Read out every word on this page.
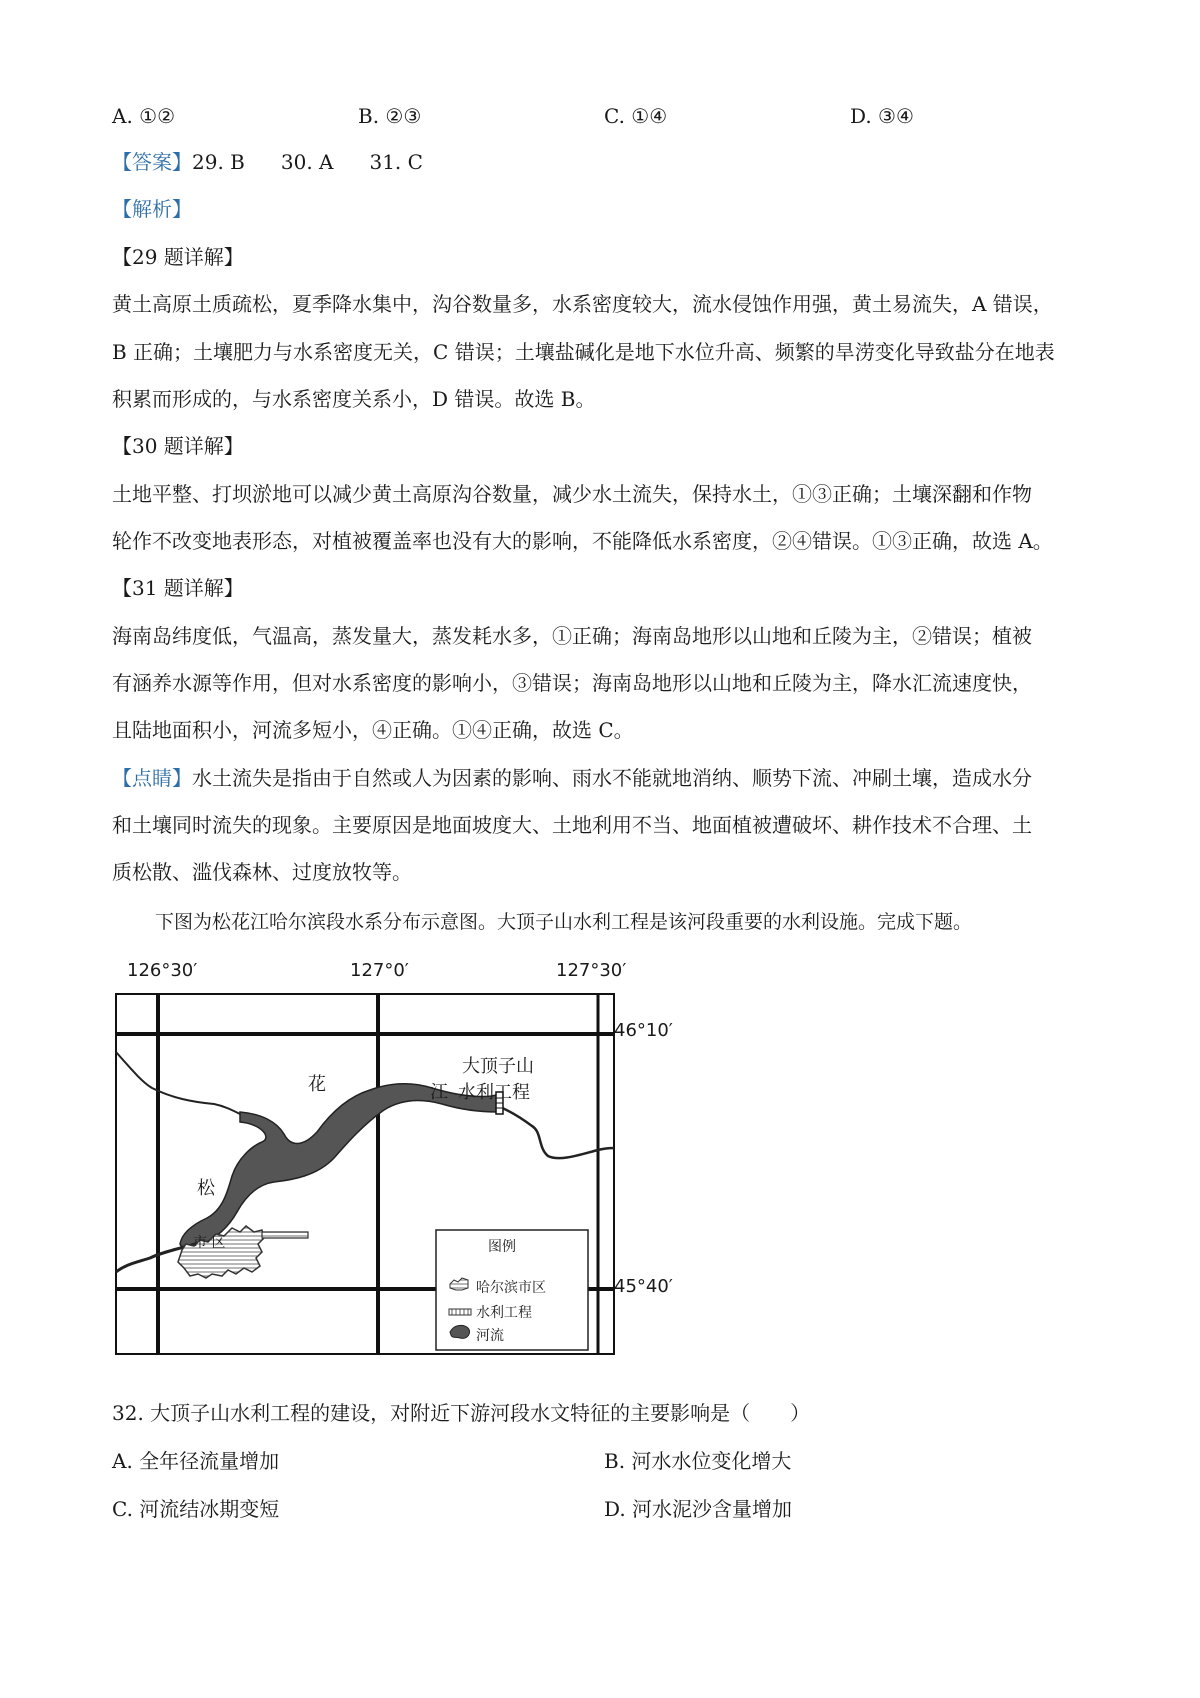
A. ①②	B. ②③	C. ①④	D. ③④
【答案】29. B 30. A 31. C
【解析】
【29 题详解】
黄土高原土质疏松，夏季降水集中，沟谷数量多，水系密度较大，流水侵蚀作用强，黄土易流失，A 错误，
B 正确；土壤肥力与水系密度无关，C 错误；土壤盐碱化是地下水位升高、频繁的旱涝变化导致盐分在地表
积累而形成的，与水系密度关系小，D 错误。故选 B。
【30 题详解】
土地平整、打坝淤地可以减少黄土高原沟谷数量，减少水土流失，保持水土，①③正确；土壤深翻和作物
轮作不改变地表形态，对植被覆盖率也没有大的影响，不能降低水系密度，②④错误。①③正确，故选 A。
【31 题详解】
海南岛纬度低，气温高，蒸发量大，蒸发耗水多，①正确；海南岛地形以山地和丘陵为主，②错误；植被
有涵养水源等作用，但对水系密度的影响小，③错误；海南岛地形以山地和丘陵为主，降水汇流速度快，
且陆地面积小，河流多短小，④正确。①④正确，故选 C。
【点睛】水土流失是指由于自然或人为因素的影响、雨水不能就地消纳、顺势下流、冲刷土壤，造成水分
和土壤同时流失的现象。主要原因是地面坡度大、土地利用不当、地面植被遭破坏、耕作技术不合理、土
质松散、滥伐森林、过度放牧等。
下图为松花江哈尔滨段水系分布示意图。大顶子山水利工程是该河段重要的水利设施。完成下题。
126°30′	127°0′	127°30′
46°10′
45°40′
花	江
松
大顶子山
水利工程
市 区	图例
哈尔滨市区
水利工程
河流
32. 大顶子山水利工程的建设，对附近下游河段水文特征的主要影响是（　　）
A. 全年径流量增加	B. 河水水位变化增大
C. 河流结冰期变短	D. 河水泥沙含量增加
